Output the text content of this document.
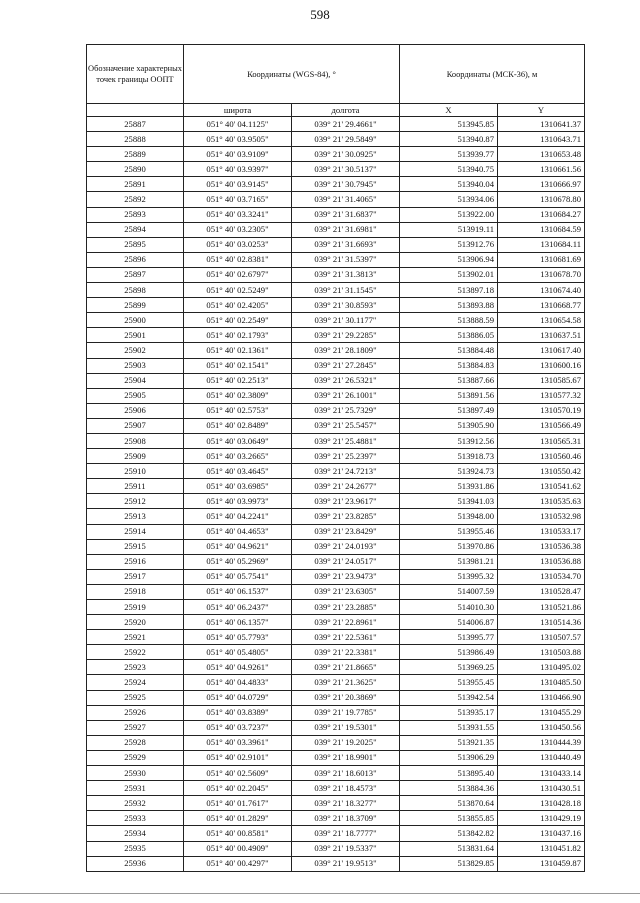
598
Обозначение характерных точек границы ООПТ	Координаты (WGS-84), °		Координаты (МСК-36), м	
	широта	долгота	X	Y
25887	051° 40' 04.1125"	039° 21' 29.4661"	513945.85	1310641.37
25888	051° 40' 03.9505"	039° 21' 29.5849"	513940.87	1310643.71
25889	051° 40' 03.9109"	039° 21' 30.0925"	513939.77	1310653.48
25890	051° 40' 03.9397"	039° 21' 30.5137"	513940.75	1310661.56
25891	051° 40' 03.9145"	039° 21' 30.7945"	513940.04	1310666.97
25892	051° 40' 03.7165"	039° 21' 31.4065"	513934.06	1310678.80
25893	051° 40' 03.3241"	039° 21' 31.6837"	513922.00	1310684.27
25894	051° 40' 03.2305"	039° 21' 31.6981"	513919.11	1310684.59
25895	051° 40' 03.0253"	039° 21' 31.6693"	513912.76	1310684.11
25896	051° 40' 02.8381"	039° 21' 31.5397"	513906.94	1310681.69
25897	051° 40' 02.6797"	039° 21' 31.3813"	513902.01	1310678.70
25898	051° 40' 02.5249"	039° 21' 31.1545"	513897.18	1310674.40
25899	051° 40' 02.4205"	039° 21' 30.8593"	513893.88	1310668.77
25900	051° 40' 02.2549"	039° 21' 30.1177"	513888.59	1310654.58
25901	051° 40' 02.1793"	039° 21' 29.2285"	513886.05	1310637.51
25902	051° 40' 02.1361"	039° 21' 28.1809"	513884.48	1310617.40
25903	051° 40' 02.1541"	039° 21' 27.2845"	513884.83	1310600.16
25904	051° 40' 02.2513"	039° 21' 26.5321"	513887.66	1310585.67
25905	051° 40' 02.3809"	039° 21' 26.1001"	513891.56	1310577.32
25906	051° 40' 02.5753"	039° 21' 25.7329"	513897.49	1310570.19
25907	051° 40' 02.8489"	039° 21' 25.5457"	513905.90	1310566.49
25908	051° 40' 03.0649"	039° 21' 25.4881"	513912.56	1310565.31
25909	051° 40' 03.2665"	039° 21' 25.2397"	513918.73	1310560.46
25910	051° 40' 03.4645"	039° 21' 24.7213"	513924.73	1310550.42
25911	051° 40' 03.6985"	039° 21' 24.2677"	513931.86	1310541.62
25912	051° 40' 03.9973"	039° 21' 23.9617"	513941.03	1310535.63
25913	051° 40' 04.2241"	039° 21' 23.8285"	513948.00	1310532.98
25914	051° 40' 04.4653"	039° 21' 23.8429"	513955.46	1310533.17
25915	051° 40' 04.9621"	039° 21' 24.0193"	513970.86	1310536.38
25916	051° 40' 05.2969"	039° 21' 24.0517"	513981.21	1310536.88
25917	051° 40' 05.7541"	039° 21' 23.9473"	513995.32	1310534.70
25918	051° 40' 06.1537"	039° 21' 23.6305"	514007.59	1310528.47
25919	051° 40' 06.2437"	039° 21' 23.2885"	514010.30	1310521.86
25920	051° 40' 06.1357"	039° 21' 22.8961"	514006.87	1310514.36
25921	051° 40' 05.7793"	039° 21' 22.5361"	513995.77	1310507.57
25922	051° 40' 05.4805"	039° 21' 22.3381"	513986.49	1310503.88
25923	051° 40' 04.9261"	039° 21' 21.8665"	513969.25	1310495.02
25924	051° 40' 04.4833"	039° 21' 21.3625"	513955.45	1310485.50
25925	051° 40' 04.0729"	039° 21' 20.3869"	513942.54	1310466.90
25926	051° 40' 03.8389"	039° 21' 19.7785"	513935.17	1310455.29
25927	051° 40' 03.7237"	039° 21' 19.5301"	513931.55	1310450.56
25928	051° 40' 03.3961"	039° 21' 19.2025"	513921.35	1310444.39
25929	051° 40' 02.9101"	039° 21' 18.9901"	513906.29	1310440.49
25930	051° 40' 02.5609"	039° 21' 18.6013"	513895.40	1310433.14
25931	051° 40' 02.2045"	039° 21' 18.4573"	513884.36	1310430.51
25932	051° 40' 01.7617"	039° 21' 18.3277"	513870.64	1310428.18
25933	051° 40' 01.2829"	039° 21' 18.3709"	513855.85	1310429.19
25934	051° 40' 00.8581"	039° 21' 18.7777"	513842.82	1310437.16
25935	051° 40' 00.4909"	039° 21' 19.5337"	513831.64	1310451.82
25936	051° 40' 00.4297"	039° 21' 19.9513"	513829.85	1310459.87
